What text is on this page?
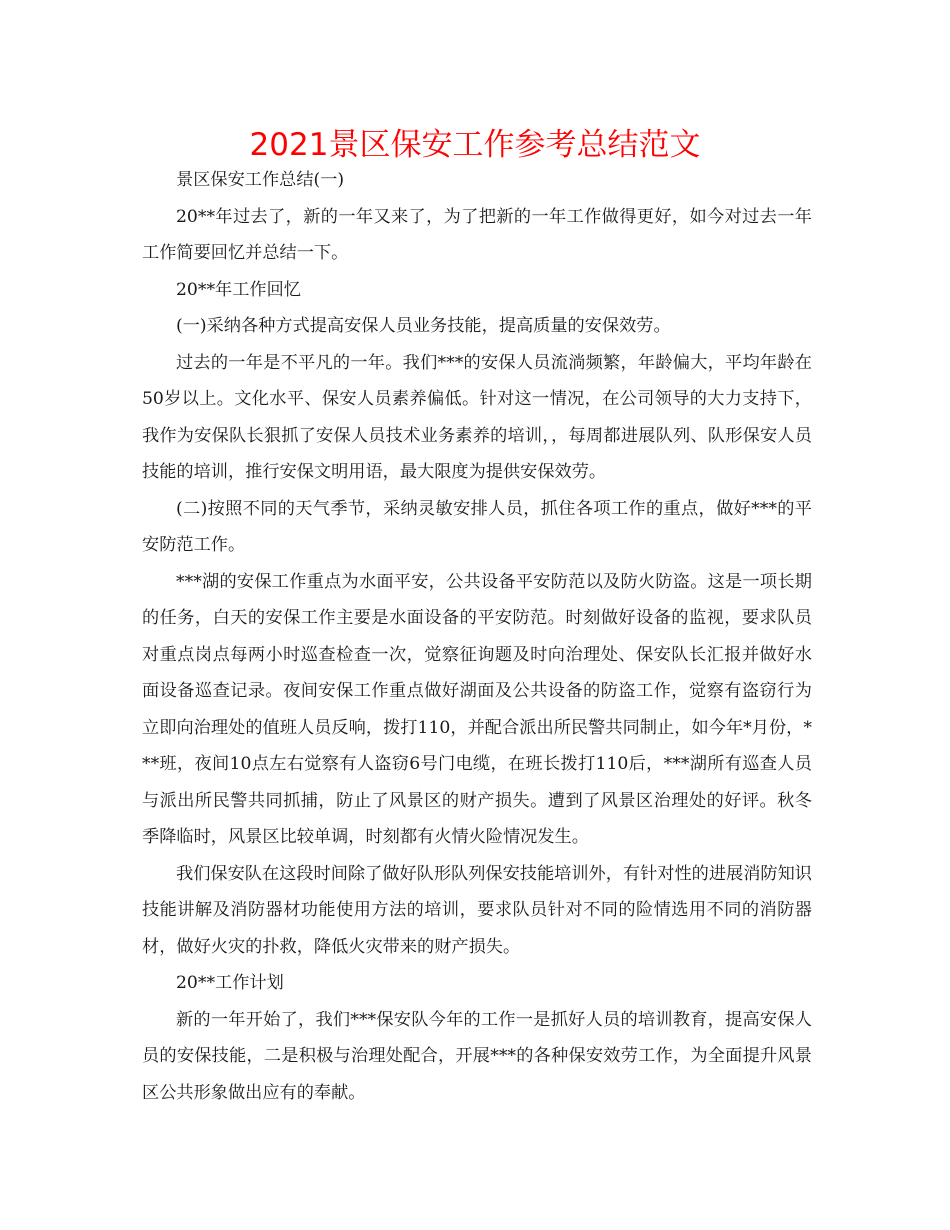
2021景区保安工作参考总结范文

景区保安工作总结(一)

20**年过去了，新的一年又来了，为了把新的一年工作做得更好，如今对过去一年工作简要回忆并总结一下。

20**年工作回忆

(一)采纳各种方式提高安保人员业务技能，提高质量的安保效劳。

过去的一年是不平凡的一年。我们***的安保人员流淌频繁，年龄偏大，平均年龄在50岁以上。文化水平、保安人员素养偏低。针对这一情况，在公司领导的大力支持下，我作为安保队长狠抓了安保人员技术业务素养的培训，，每周都进展队列、队形保安人员技能的培训，推行安保文明用语，最大限度为提供安保效劳。

(二)按照不同的天气季节，采纳灵敏安排人员，抓住各项工作的重点，做好***的平安防范工作。

***湖的安保工作重点为水面平安，公共设备平安防范以及防火防盗。这是一项长期的任务，白天的安保工作主要是水面设备的平安防范。时刻做好设备的监视，要求队员对重点岗点每两小时巡查检查一次，觉察征询题及时向治理处、保安队长汇报并做好水面设备巡查记录。夜间安保工作重点做好湖面及公共设备的防盗工作，觉察有盗窃行为立即向治理处的值班人员反响，拨打110，并配合派出所民警共同制止，如今年*月份，***班，夜间10点左右觉察有人盗窃6号门电缆，在班长拨打110后，***湖所有巡查人员与派出所民警共同抓捕，防止了风景区的财产损失。遭到了风景区治理处的好评。秋冬季降临时，风景区比较单调，时刻都有火情火险情况发生。

我们保安队在这段时间除了做好队形队列保安技能培训外，有针对性的进展消防知识技能讲解及消防器材功能使用方法的培训，要求队员针对不同的险情选用不同的消防器材，做好火灾的扑救，降低火灾带来的财产损失。

20**工作计划

新的一年开始了，我们***保安队今年的工作一是抓好人员的培训教育，提高安保人员的安保技能，二是积极与治理处配合，开展***的各种保安效劳工作，为全面提升风景区公共形象做出应有的奉献。
